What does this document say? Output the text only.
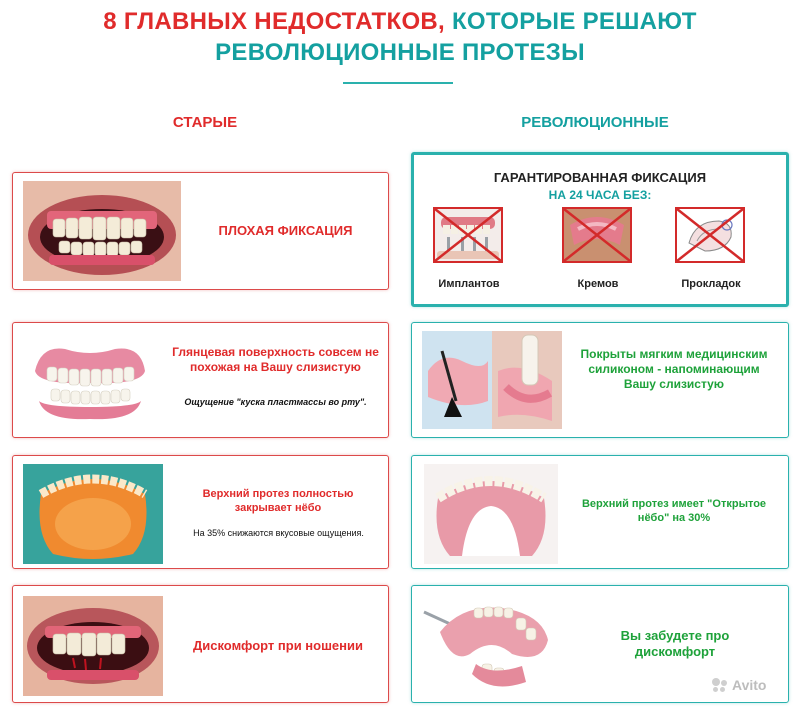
8 ГЛАВНЫХ НЕДОСТАТКОВ, КОТОРЫЕ РЕШАЮТ
РЕВОЛЮЦИОННЫЕ ПРОТЕЗЫ
СТАРЫЕ	РЕВОЛЮЦИОННЫЕ
ПЛОХАЯ ФИКСАЦИЯ
ГАРАНТИРОВАННАЯ ФИКСАЦИЯ
НА 24 ЧАСА БЕЗ:
Имплантов	Кремов	Прокладок
Глянцевая поверхность совсем не похожая на Вашу слизистую
Ощущение "куска пластмассы во рту".
Покрыты мягким медицинским силиконом - напоминающим Вашу слизистую
Верхний протез полностью закрывает нёбо
На 35% снижаются вкусовые ощущения.
Верхний протез имеет "Открытое нёбо" на 30%
Дискомфорт при ношении
Вы забудете про дискомфорт
Avito
